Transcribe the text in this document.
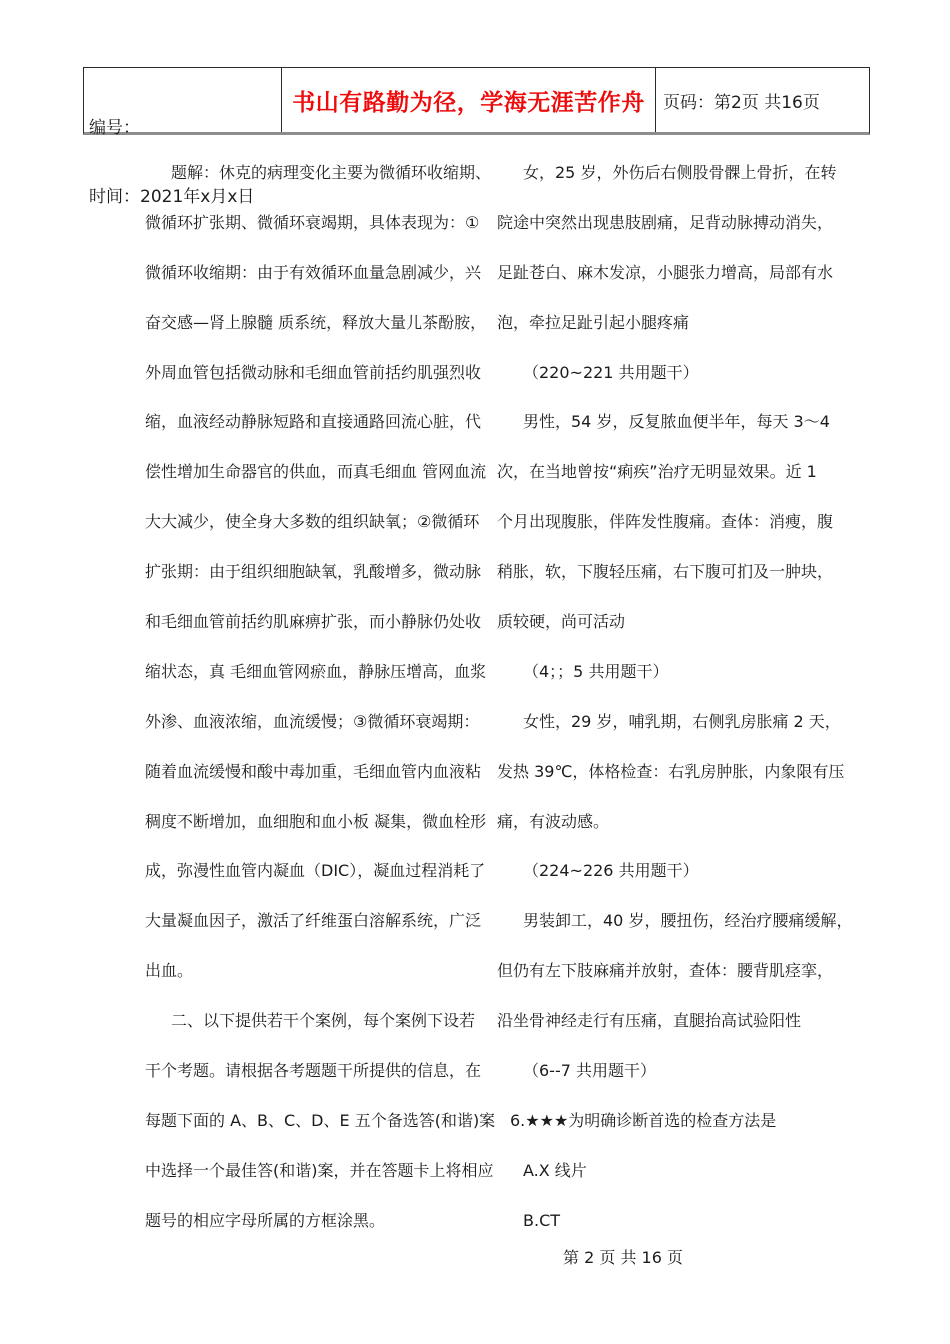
编号：

时间：2021年x月x日

书山有路勤为径，学海无涯苦作舟	页码：第2页 共16页
题解：休克的病理变化主要为微循环收缩期、
微循环扩张期、微循环衰竭期，具体表现为：①
微循环收缩期：由于有效循环血量急剧减少，兴
奋交感—肾上腺髓 质系统，释放大量儿茶酚胺，
外周血管包括微动脉和毛细血管前括约肌强烈收
缩，血液经动静脉短路和直接通路回流心脏，代
偿性增加生命器官的供血，而真毛细血 管网血流
大大减少，使全身大多数的组织缺氧；②微循环
扩张期：由于组织细胞缺氧，乳酸增多，微动脉
和毛细血管前括约肌麻痹扩张，而小静脉仍处收
缩状态，真 毛细血管网瘀血，静脉压增高，血浆
外渗、血液浓缩，血流缓慢；③微循环衰竭期：
随着血流缓慢和酸中毒加重，毛细血管内血液粘
稠度不断增加，血细胞和血小板 凝集，微血栓形
成，弥漫性血管内凝血（DIC），凝血过程消耗了
大量凝血因子，激活了纤维蛋白溶解系统，广泛
出血。
二、以下提供若干个案例，每个案例下设若
干个考题。请根据各考题题干所提供的信息，在
每题下面的 A、B、C、D、E 五个备选答(和谐)案
中选择一个最佳答(和谐)案，并在答题卡上将相应
题号的相应字母所属的方框涂黑。
女，25 岁，外伤后右侧股骨髁上骨折，在转
院途中突然出现患肢剧痛，足背动脉搏动消失，
足趾苍白、麻木发凉，小腿张力增高，局部有水
泡，牵拉足趾引起小腿疼痛
（220~221 共用题干）
男性，54 岁，反复脓血便半年，每天 3～4
次，在当地曾按“痢疾”治疗无明显效果。近 1
个月出现腹胀，伴阵发性腹痛。查体：消瘦，腹
稍胀，软，下腹轻压痛，右下腹可扪及一肿块，
质较硬，尚可活动
（4；；5 共用题干）
女性，29 岁，哺乳期，右侧乳房胀痛 2 天，
发热 39℃，体格检查：右乳房肿胀，内象限有压
痛，有波动感。
（224~226 共用题干）
男装卸工，40 岁，腰扭伤，经治疗腰痛缓解，
但仍有左下肢麻痛并放射，查体：腰背肌痉挛，
沿坐骨神经走行有压痛，直腿抬高试验阳性
（6--7 共用题干）
6.★★★为明确诊断首选的检查方法是
A.X 线片
B.CT
第 2 页 共 16 页
